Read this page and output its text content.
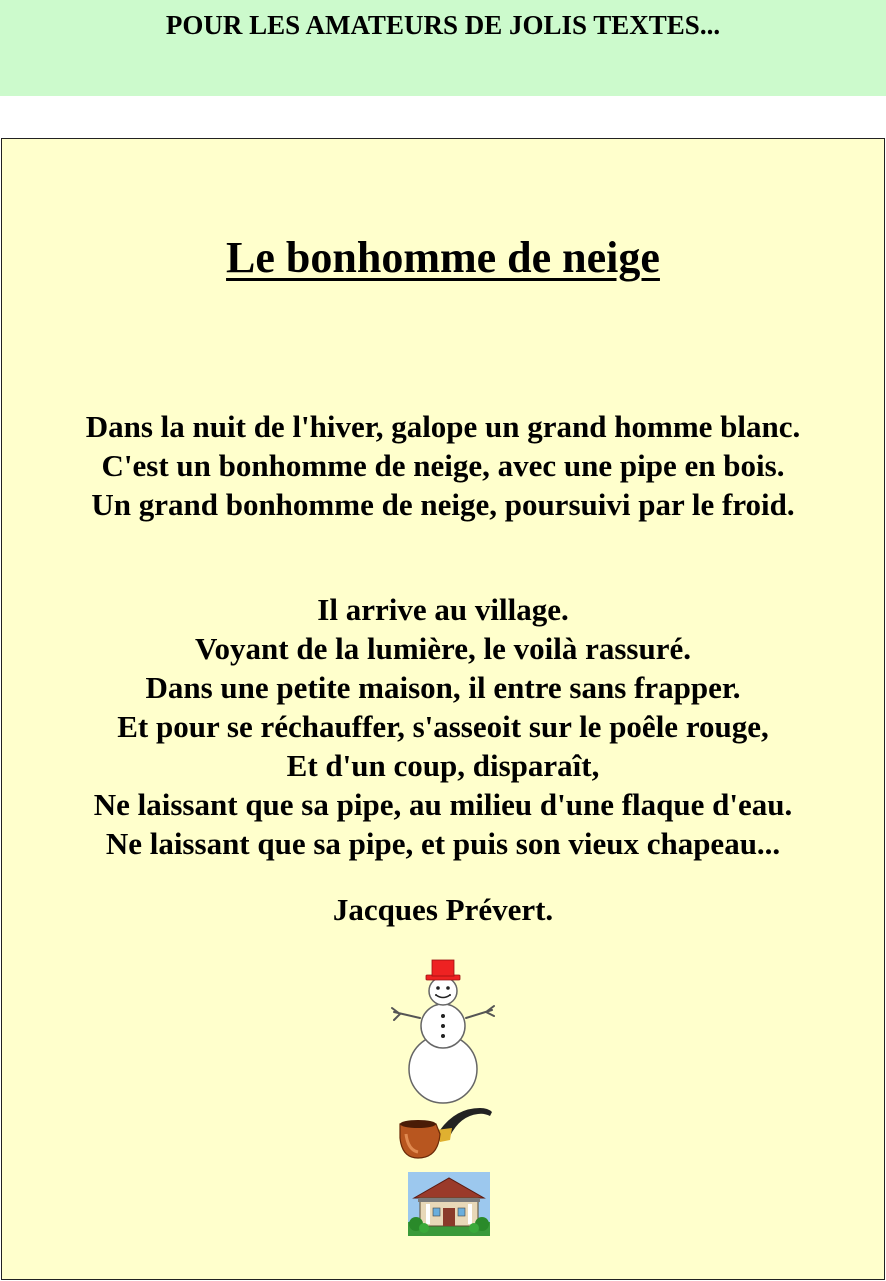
POUR LES AMATEURS DE JOLIS TEXTES...
Le bonhomme de neige

Dans la nuit de l'hiver, galope un grand homme blanc.
C'est un bonhomme de neige, avec une pipe en bois.
Un grand bonhomme de neige, poursuivi par le froid.

Il arrive au village.
Voyant de la lumière, le voilà rassuré.
Dans une petite maison, il entre sans frapper.
Et pour se réchauffer, s'asseoit sur le poêle rouge,
Et d'un coup, disparaît,
Ne laissant que sa pipe, au milieu d'une flaque d'eau.
Ne laissant que sa pipe, et puis son vieux chapeau...

Jacques Prévert.
